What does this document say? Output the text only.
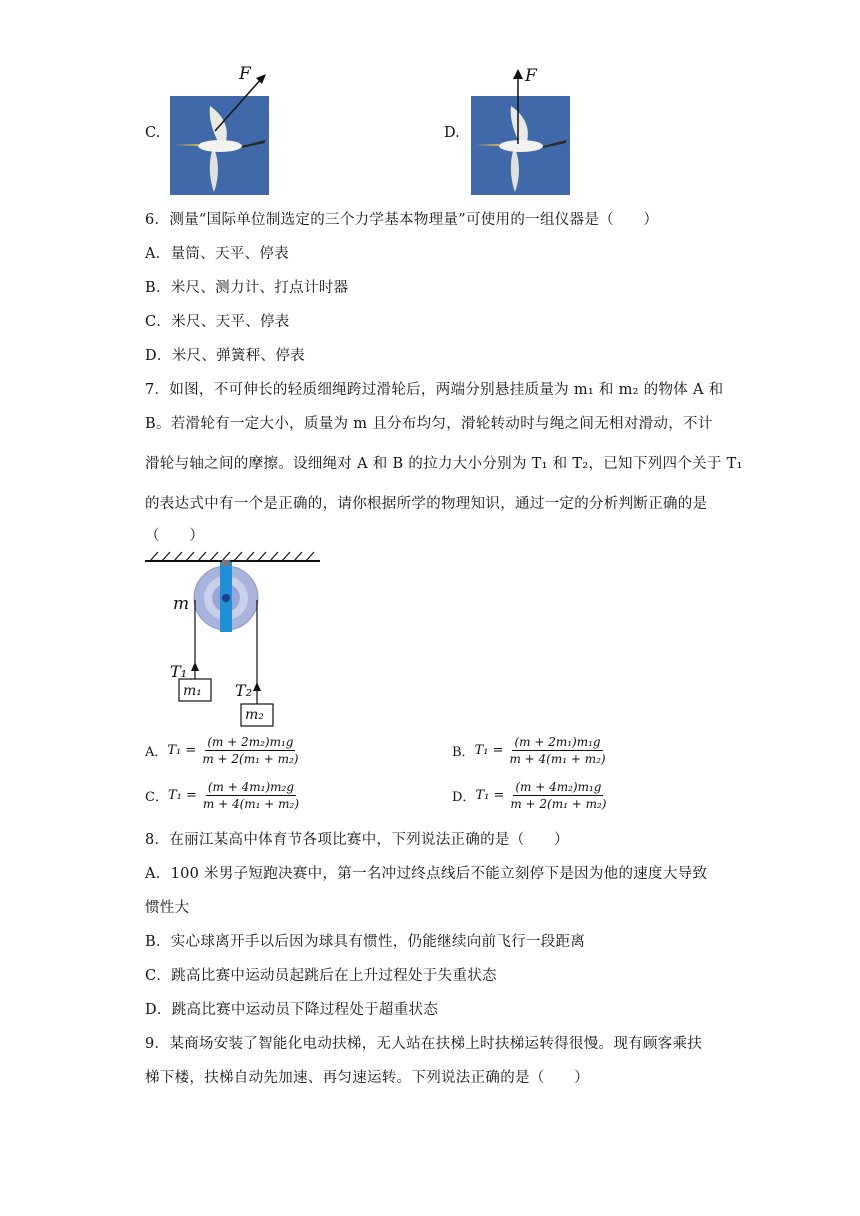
C.
F
D.
F
6．测量“国际单位制选定的三个力学基本物理量”可使用的一组仪器是（　　）
A．量筒、天平、停表
B．米尺、测力计、打点计时器
C．米尺、天平、停表
D．米尺、弹簧秤、停表
7．如图，不可伸长的轻质细绳跨过滑轮后，两端分别悬挂质量为 m₁ 和 m₂ 的物体 A 和
B。若滑轮有一定大小，质量为 m 且分布均匀，滑轮转动时与绳之间无相对滑动，不计
滑轮与轴之间的摩擦。设细绳对 A 和 B 的拉力大小分别为 T₁ 和 T₂，已知下列四个关于 T₁
的表达式中有一个是正确的，请你根据所学的物理知识，通过一定的分析判断正确的是
（　　）
m
T₁
T₂
m₁
m₂
A． $T_1 = \frac{\text{(m + 2m₂)m₁g}}{\text{m + 2(m₁ + m₂)}}$	B． $T_1 = \frac{\text{(m + 2m₁)m₁g}}{\text{m + 4(m₁ + m₂)}}$
C． $T_1 = \frac{\text{(m + 4m₁)m₂g}}{\text{m + 4(m₁ + m₂)}}$	D． $T_1 = \frac{\text{(m + 4m₂)m₁g}}{\text{m + 2(m₁ + m₂)}}$
8．在丽江某高中体育节各项比赛中，下列说法正确的是（　　）
A．100 米男子短跑决赛中，第一名冲过终点线后不能立刻停下是因为他的速度大导致
惯性大
B．实心球离开手以后因为球具有惯性，仍能继续向前飞行一段距离
C．跳高比赛中运动员起跳后在上升过程处于失重状态
D．跳高比赛中运动员下降过程处于超重状态
9．某商场安装了智能化电动扶梯，无人站在扶梯上时扶梯运转得很慢。现有顾客乘扶
梯下楼，扶梯自动先加速、再匀速运转。下列说法正确的是（　　）
